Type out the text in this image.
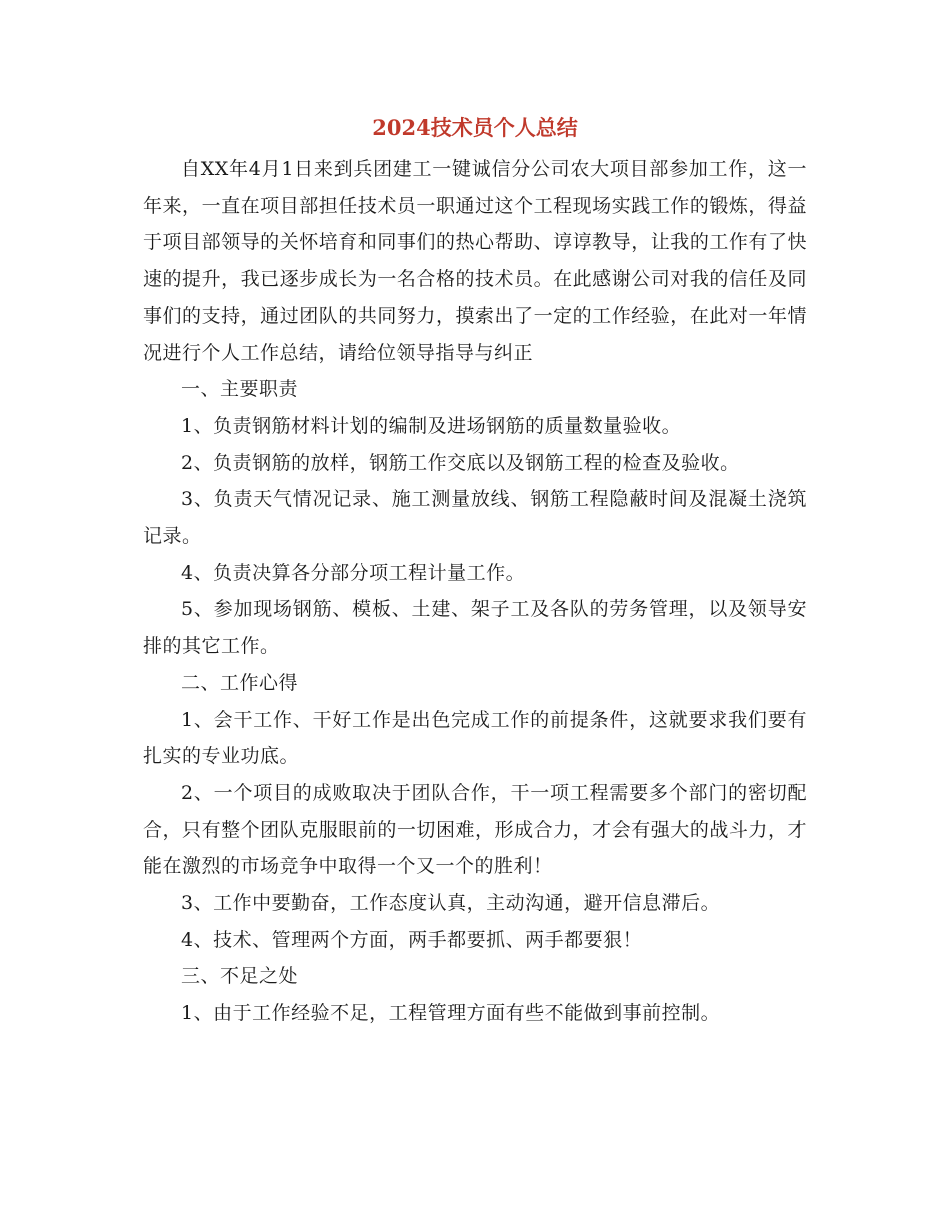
2024技术员个人总结

自XX年4月1日来到兵团建工一键诚信分公司农大项目部参加工作，这一年来，一直在项目部担任技术员一职通过这个工程现场实践工作的锻炼，得益于项目部领导的关怀培育和同事们的热心帮助、谆谆教导，让我的工作有了快速的提升，我已逐步成长为一名合格的技术员。在此感谢公司对我的信任及同事们的支持，通过团队的共同努力，摸索出了一定的工作经验，在此对一年情况进行个人工作总结，请给位领导指导与纠正

一、主要职责

1、负责钢筋材料计划的编制及进场钢筋的质量数量验收。

2、负责钢筋的放样，钢筋工作交底以及钢筋工程的检查及验收。

3、负责天气情况记录、施工测量放线、钢筋工程隐蔽时间及混凝土浇筑记录。

4、负责决算各分部分项工程计量工作。

5、参加现场钢筋、模板、土建、架子工及各队的劳务管理，以及领导安排的其它工作。

二、工作心得

1、会干工作、干好工作是出色完成工作的前提条件，这就要求我们要有扎实的专业功底。

2、一个项目的成败取决于团队合作，干一项工程需要多个部门的密切配合，只有整个团队克服眼前的一切困难，形成合力，才会有强大的战斗力，才能在激烈的市场竞争中取得一个又一个的胜利！

3、工作中要勤奋，工作态度认真，主动沟通，避开信息滞后。

4、技术、管理两个方面，两手都要抓、两手都要狠！

三、不足之处

1、由于工作经验不足，工程管理方面有些不能做到事前控制。
